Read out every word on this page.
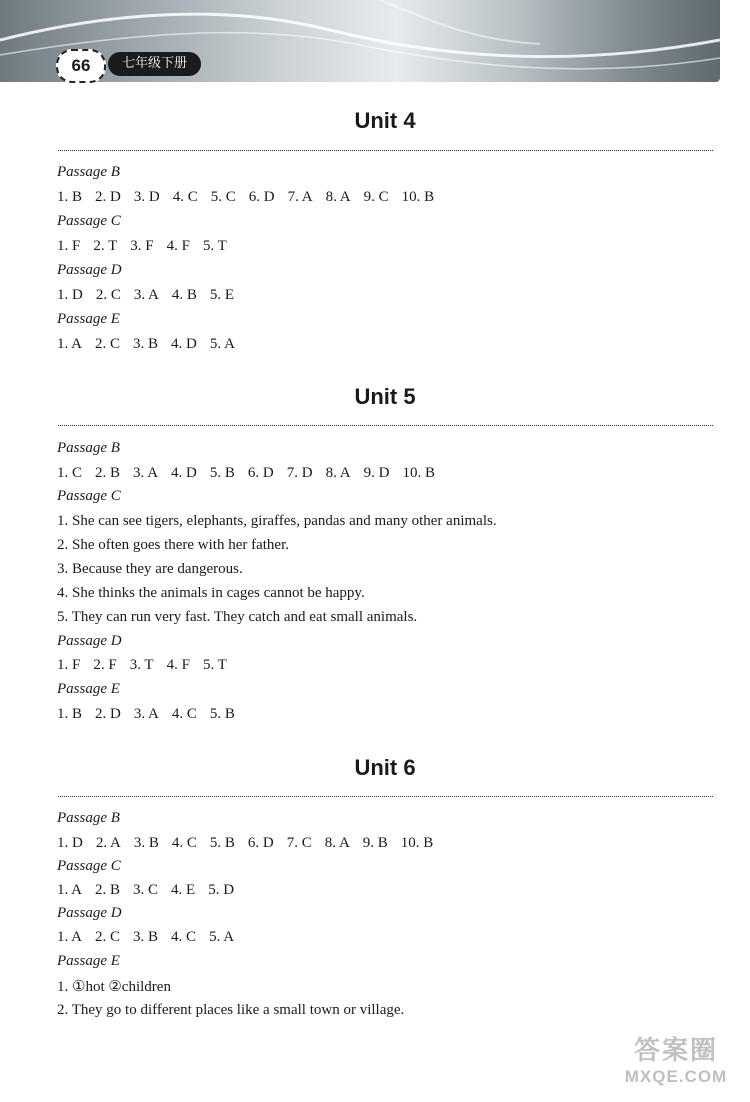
66	七年级下册
Unit 4
Passage B
1. B 2. D 3. D 4. C 5. C 6. D 7. A 8. A 9. C 10. B
Passage C
1. F 2. T 3. F 4. F 5. T
Passage D
1. D 2. C 3. A 4. B 5. E
Passage E
1. A 2. C 3. B 4. D 5. A
Unit 5
Passage B
1. C 2. B 3. A 4. D 5. B 6. D 7. D 8. A 9. D 10. B
Passage C
1. She can see tigers, elephants, giraffes, pandas and many other animals.
2. She often goes there with her father.
3. Because they are dangerous.
4. She thinks the animals in cages cannot be happy.
5. They can run very fast. They catch and eat small animals.
Passage D
1. F 2. F 3. T 4. F 5. T
Passage E
1. B 2. D 3. A 4. C 5. B
Unit 6
Passage B
1. D 2. A 3. B 4. C 5. B 6. D 7. C 8. A 9. B 10. B
Passage C
1. A 2. B 3. C 4. E 5. D
Passage D
1. A 2. C 3. B 4. C 5. A
Passage E
1. ①hot ②children
2. They go to different places like a small town or village.
答案圈
MXQE.COM
